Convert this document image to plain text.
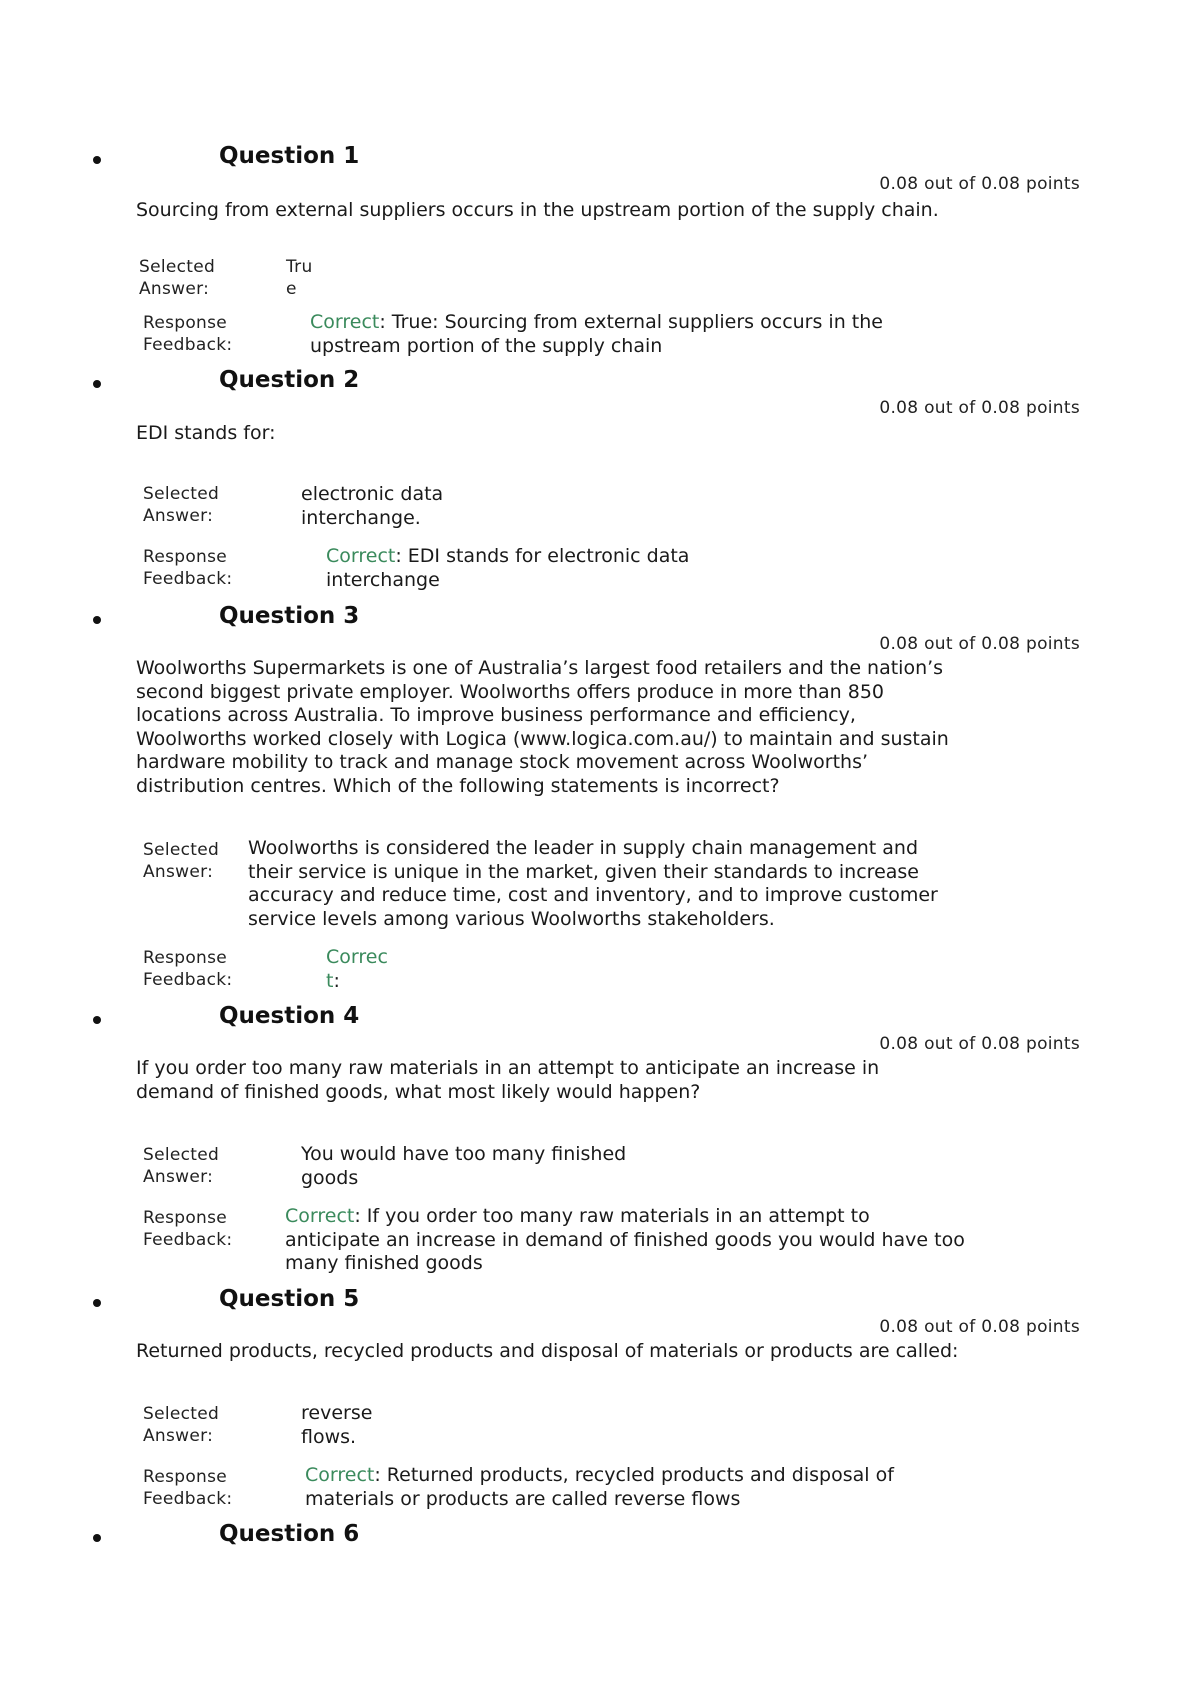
Question 1
0.08 out of 0.08 points
Sourcing from external suppliers occurs in the upstream portion of the supply chain.
Selected
Answer:
Tru
e
Response
Feedback:
Correct: True: Sourcing from external suppliers occurs in the
upstream portion of the supply chain
Question 2
0.08 out of 0.08 points
EDI stands for:
Selected
Answer:
electronic data
interchange.
Response
Feedback:
Correct: EDI stands for electronic data
interchange
Question 3
0.08 out of 0.08 points
Woolworths Supermarkets is one of Australia’s largest food retailers and the nation’s
second biggest private employer. Woolworths offers produce in more than 850
locations across Australia. To improve business performance and efficiency,
Woolworths worked closely with Logica (www.logica.com.au/) to maintain and sustain
hardware mobility to track and manage stock movement across Woolworths’
distribution centres. Which of the following statements is incorrect?
Selected
Answer:
Woolworths is considered the leader in supply chain management and
their service is unique in the market, given their standards to increase
accuracy and reduce time, cost and inventory, and to improve customer
service levels among various Woolworths stakeholders.
Response
Feedback:
Correc
t:
Question 4
0.08 out of 0.08 points
If you order too many raw materials in an attempt to anticipate an increase in
demand of finished goods, what most likely would happen?
Selected
Answer:
You would have too many finished
goods
Response
Feedback:
Correct: If you order too many raw materials in an attempt to
anticipate an increase in demand of finished goods you would have too
many finished goods
Question 5
0.08 out of 0.08 points
Returned products, recycled products and disposal of materials or products are called:
Selected
Answer:
reverse
flows.
Response
Feedback:
Correct: Returned products, recycled products and disposal of
materials or products are called reverse flows
Question 6
